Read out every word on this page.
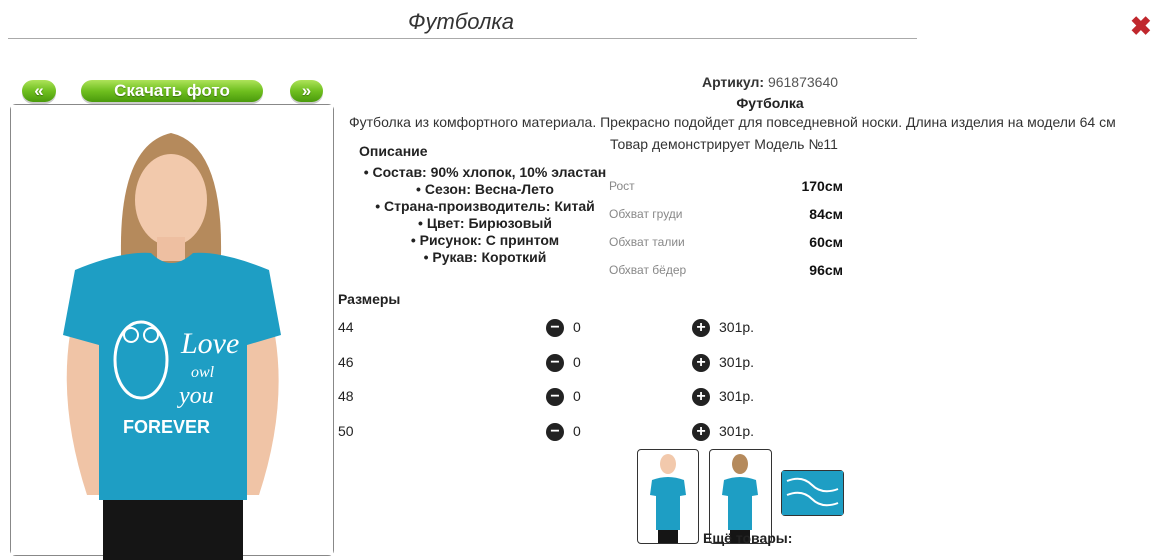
Футболка	✖
«	Скачать фото	»
Love
owl
you
FOREVER
Артикул: 961873640
Футболка
Футболка из комфортного материала. Прекрасно подойдет для повседневной носки. Длина изделия на модели 64 см
Товар демонстрирует Модель №11
Описание
• Состав: 90% хлопок, 10% эластан
• Сезон: Весна-Лето
• Страна-производитель: Китай
• Цвет: Бирюзовый
• Рисунок: С принтом
• Рукав: Короткий
Рост	170см
Обхват груди	84см
Обхват талии	60см
Обхват бёдер	96см
Размеры
44	− 0	+ 301р.
46	− 0	+ 301р.
48	− 0	+ 301р.
50	− 0	+ 301р.
Ещё товары:
